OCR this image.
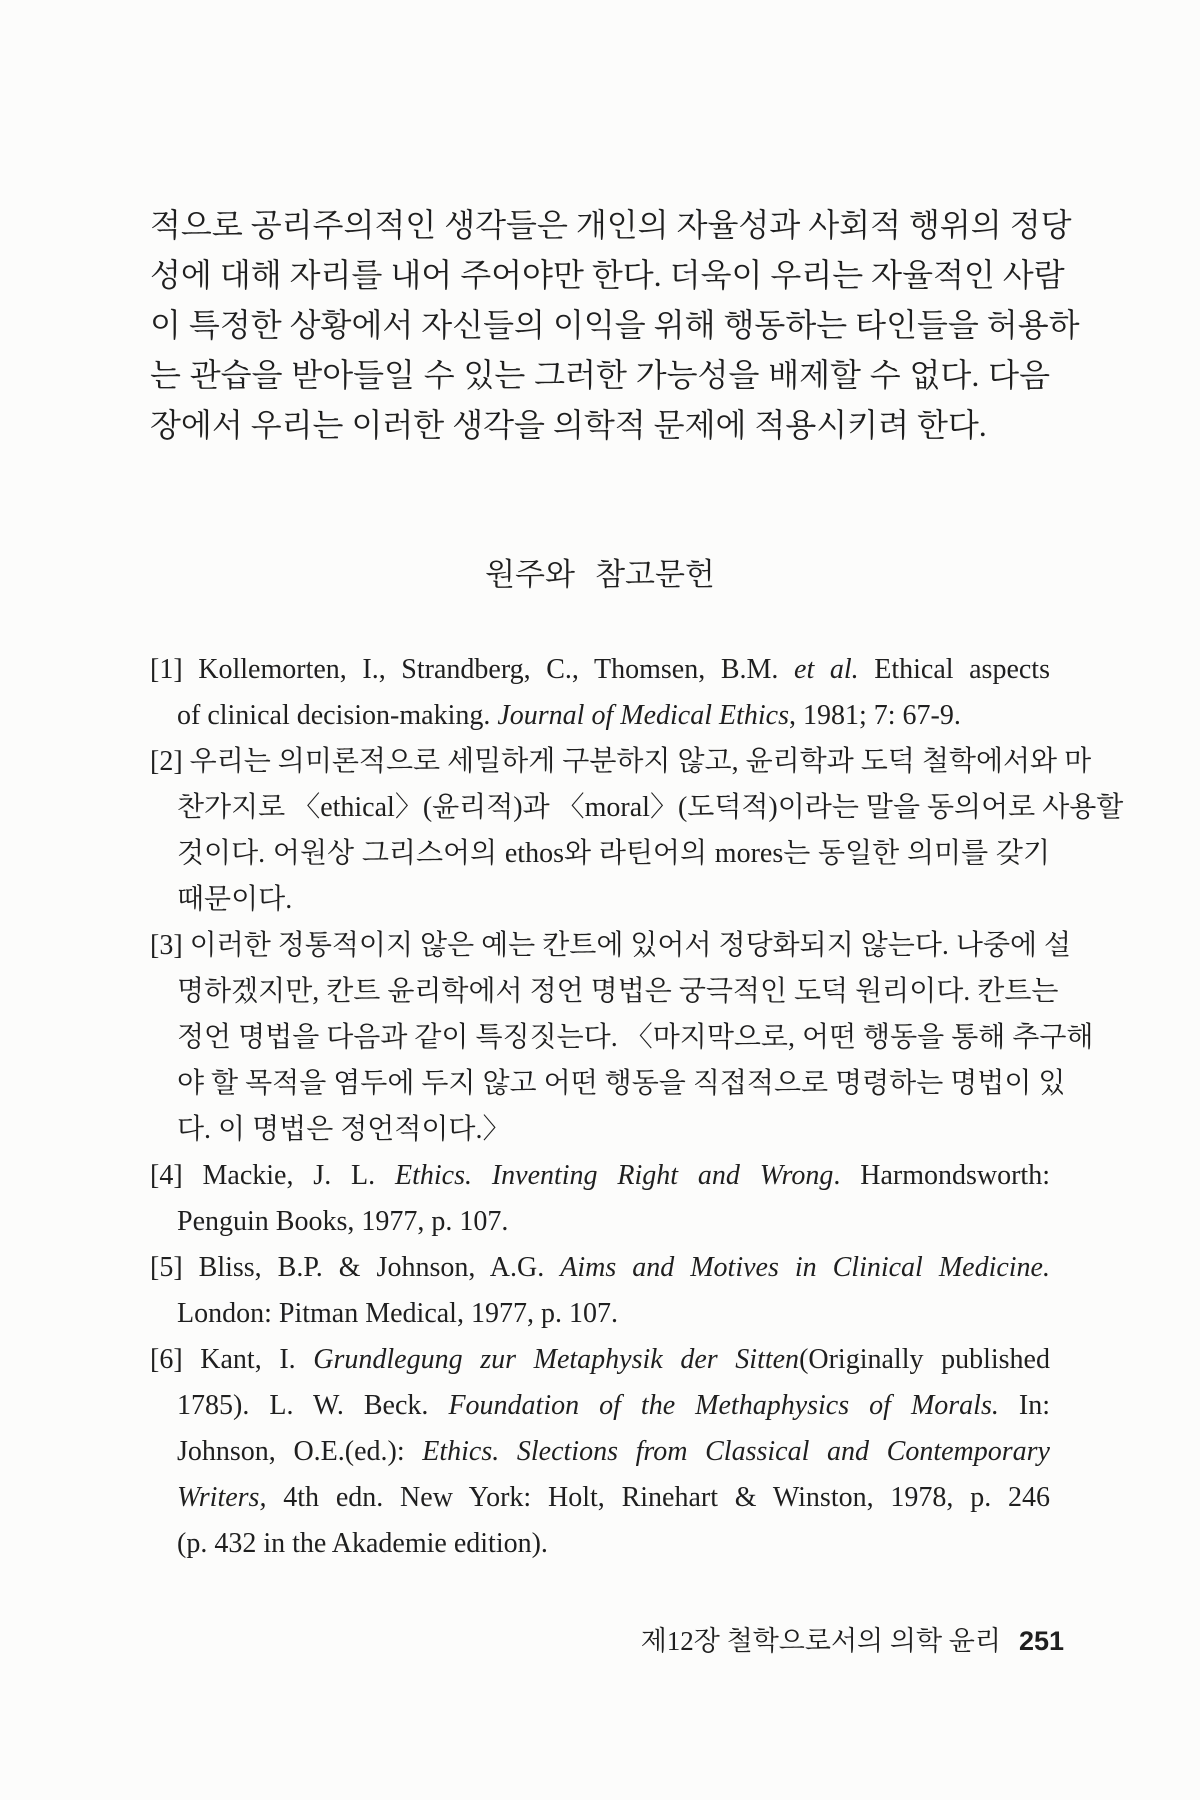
적으로 공리주의적인 생각들은 개인의 자율성과 사회적 행위의 정당
성에 대해 자리를 내어 주어야만 한다. 더욱이 우리는 자율적인 사람
이 특정한 상황에서 자신들의 이익을 위해 행동하는 타인들을 허용하
는 관습을 받아들일 수 있는 그러한 가능성을 배제할 수 없다. 다음
장에서 우리는 이러한 생각을 의학적 문제에 적용시키려 한다.
원주와 참고문헌
[1] Kollemorten, I., Strandberg, C., Thomsen, B.M. et al. Ethical aspects
of clinical decision-making. Journal of Medical Ethics, 1981; 7: 67-9.
[2] 우리는 의미론적으로 세밀하게 구분하지 않고, 윤리학과 도덕 철학에서와 마
찬가지로 〈ethical〉(윤리적)과 〈moral〉(도덕적)이라는 말을 동의어로 사용할
것이다. 어원상 그리스어의 ethos와 라틴어의 mores는 동일한 의미를 갖기
때문이다.
[3] 이러한 정통적이지 않은 예는 칸트에 있어서 정당화되지 않는다. 나중에 설
명하겠지만, 칸트 윤리학에서 정언 명법은 궁극적인 도덕 원리이다. 칸트는
정언 명법을 다음과 같이 특징짓는다. 〈마지막으로, 어떤 행동을 통해 추구해
야 할 목적을 염두에 두지 않고 어떤 행동을 직접적으로 명령하는 명법이 있
다. 이 명법은 정언적이다.〉
[4] Mackie, J. L. Ethics. Inventing Right and Wrong. Harmondsworth:
Penguin Books, 1977, p. 107.
[5] Bliss, B.P. & Johnson, A.G. Aims and Motives in Clinical Medicine.
London: Pitman Medical, 1977, p. 107.
[6] Kant, I. Grundlegung zur Metaphysik der Sitten(Originally published
1785). L. W. Beck. Foundation of the Methaphysics of Morals. In:
Johnson, O.E.(ed.): Ethics. Slections from Classical and Contemporary
Writers, 4th edn. New York: Holt, Rinehart & Winston, 1978, p. 246
(p. 432 in the Akademie edition).
제12장 철학으로서의 의학 윤리 251
